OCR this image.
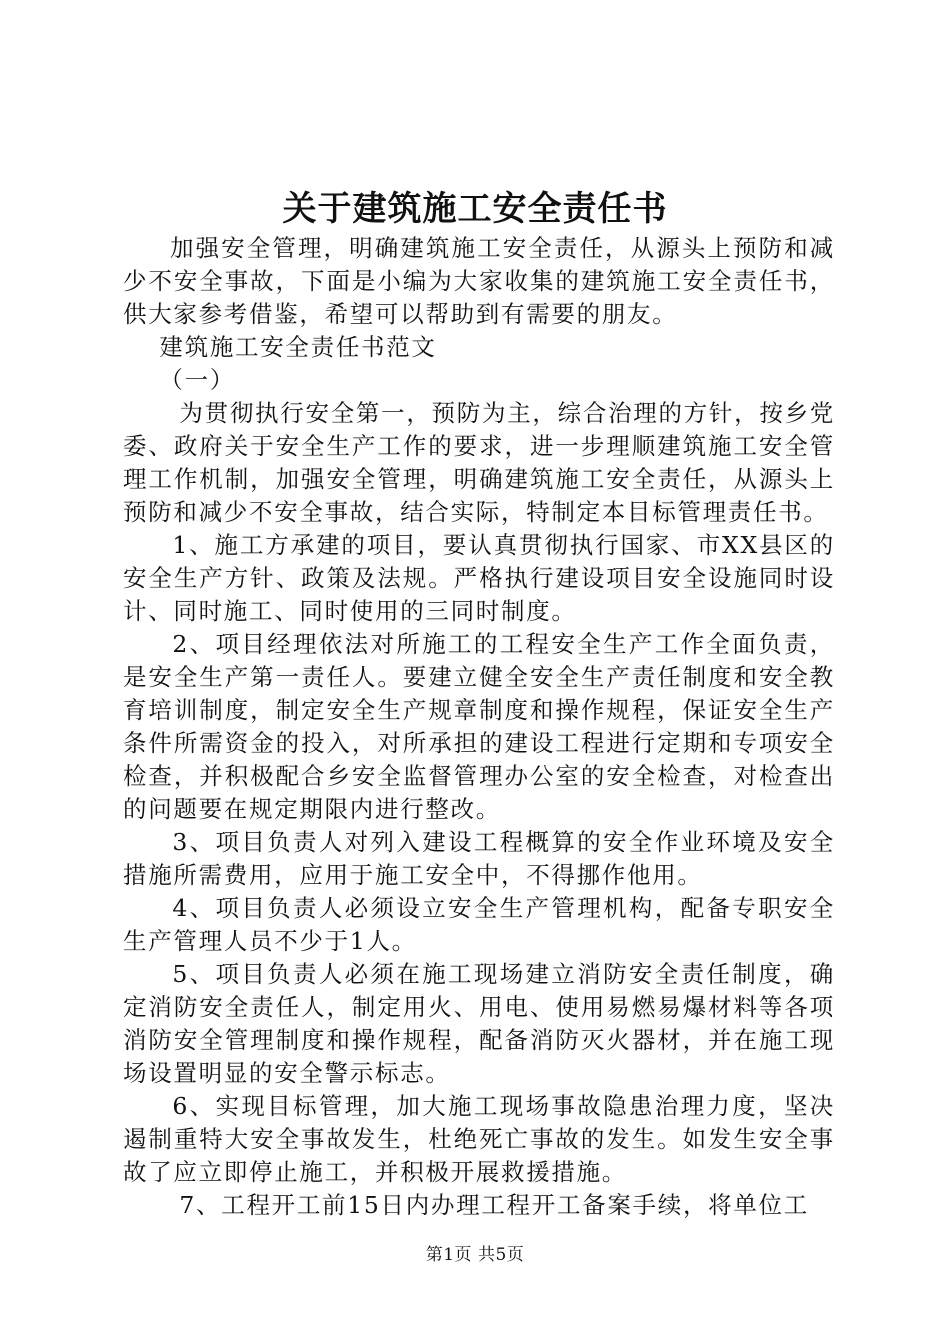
关于建筑施工安全责任书

加强安全管理，明确建筑施工安全责任，从源头上预防和减少不安全事故，下面是小编为大家收集的建筑施工安全责任书，供大家参考借鉴，希望可以帮助到有需要的朋友。

建筑施工安全责任书范文

（一）

为贯彻执行安全第一，预防为主，综合治理的方针，按乡党委、政府关于安全生产工作的要求，进一步理顺建筑施工安全管理工作机制，加强安全管理，明确建筑施工安全责任，从源头上预防和减少不安全事故，结合实际，特制定本目标管理责任书。

1、施工方承建的项目，要认真贯彻执行国家、市XX县区的安全生产方针、政策及法规。严格执行建设项目安全设施同时设计、同时施工、同时使用的三同时制度。

2、项目经理依法对所施工的工程安全生产工作全面负责，是安全生产第一责任人。要建立健全安全生产责任制度和安全教育培训制度，制定安全生产规章制度和操作规程，保证安全生产条件所需资金的投入，对所承担的建设工程进行定期和专项安全检查，并积极配合乡安全监督管理办公室的安全检查，对检查出的问题要在规定期限内进行整改。

3、项目负责人对列入建设工程概算的安全作业环境及安全措施所需费用，应用于施工安全中，不得挪作他用。

4、项目负责人必须设立安全生产管理机构，配备专职安全生产管理人员不少于1人。

5、项目负责人必须在施工现场建立消防安全责任制度，确定消防安全责任人，制定用火、用电、使用易燃易爆材料等各项消防安全管理制度和操作规程，配备消防灭火器材，并在施工现场设置明显的安全警示标志。

6、实现目标管理，加大施工现场事故隐患治理力度，坚决遏制重特大安全事故发生，杜绝死亡事故的发生。如发生安全事故了应立即停止施工，并积极开展救援措施。

7、工程开工前15日内办理工程开工备案手续，将单位工

第1页 共5页
